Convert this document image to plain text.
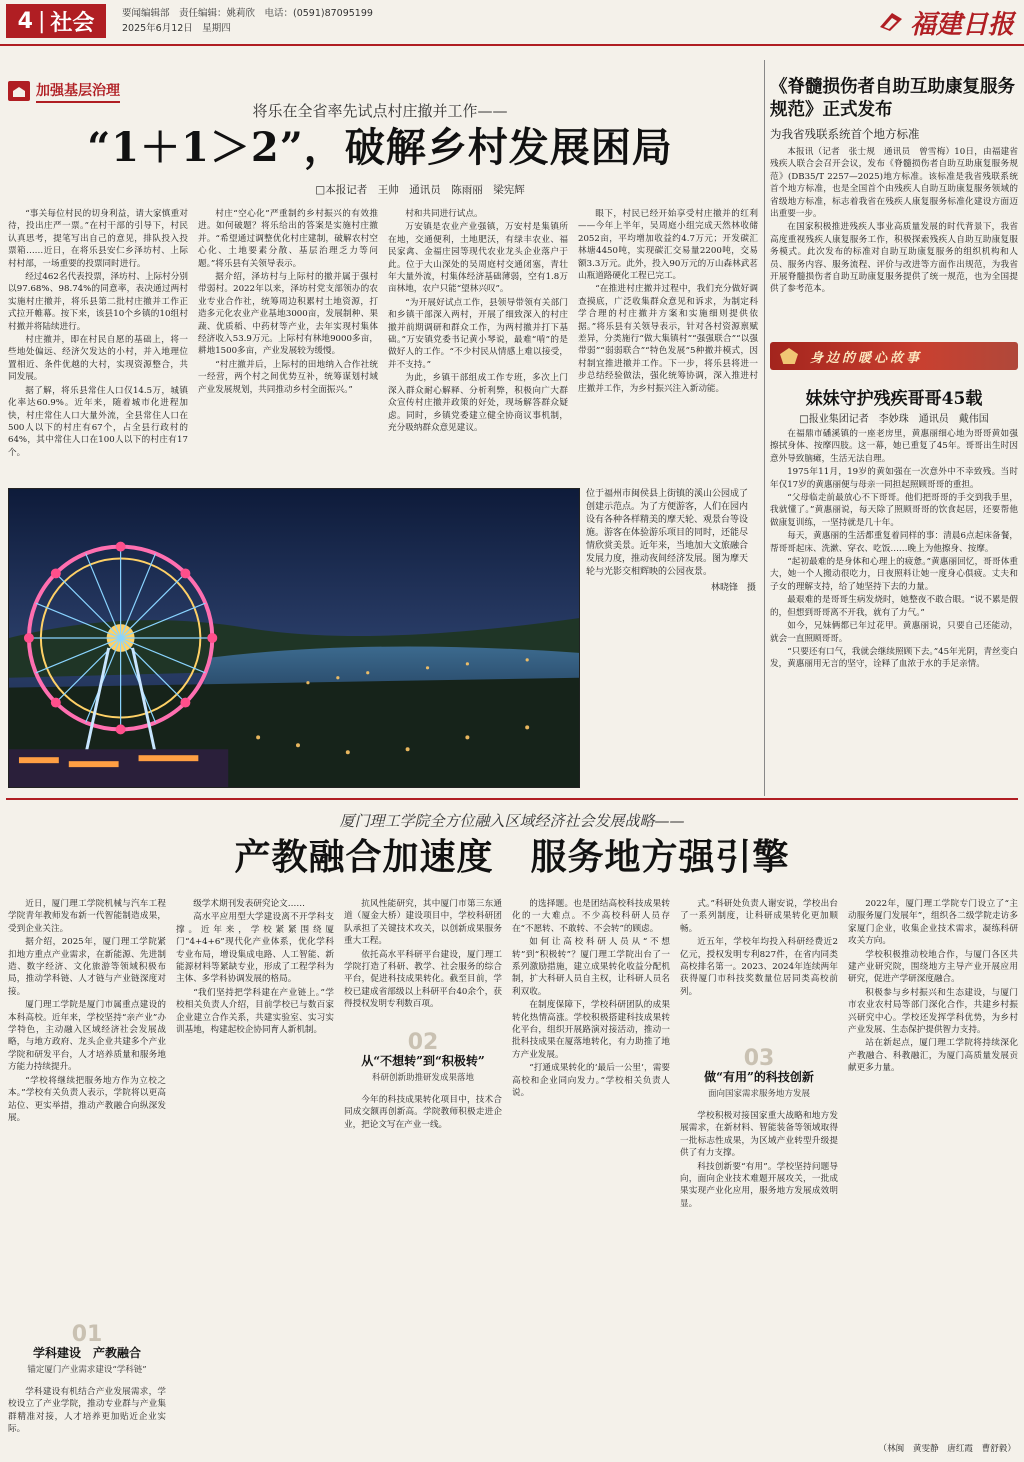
4 | 社会	要闻编辑部　责任编辑：姚莉欣　电话：(0591)87095199
2025年6月12日　星期四	福建日报
加强基层治理
将乐在全省率先试点村庄撤并工作——
“1＋1＞2”，破解乡村发展困局
□本报记者　王帅　通讯员　陈雨丽　梁宪辉

“事关每位村民的切身利益，请大家慎重对待，投出庄严一票。”在村干部的引导下，村民认真思考，提笔写出自己的意见，排队投入投票箱……近日，在将乐县安仁乡泽坊村、上际村村部，一场重要的投票同时进行。

经过462名代表投票，泽坊村、上际村分别以97.68%、98.74%的同意率，表决通过两村实施村庄撤并，将乐县第二批村庄撤并工作正式拉开帷幕。按下来，该县10个乡镇的10组村村撤并将陆续进行。

村庄撤并，即在村民自愿的基础上，将一些地处偏远、经济欠发达的小村，并入地理位置相近、条件优越的大村，实现资源整合，共同发展。

据了解，将乐县常住人口仅14.5万，城镇化率达60.9%。近年来，随着城市化进程加快，村庄常住人口大量外流，全县常住人口在500人以下的村庄有67个，占全县行政村的64%，其中常住人口在100人以下的村庄有17个。

村庄“空心化”严重制约乡村振兴的有效推进。如何破题？将乐给出的答案是实施村庄撤并。“希望通过调整优化村庄建制，破解农村空心化、土地要素分散、基层治理乏力等问题。”将乐县有关领导表示。

据介绍，泽坊村与上际村的撤并属于强村带弱村。2022年以来，泽坊村党支部领办的农业专业合作社，统筹周边积累村土地资源，打造多元化农业产业基地3000亩，发展制种、果蔬、优质稻、中药材等产业，去年实现村集体经济收入53.9万元。上际村有林地9000多亩，耕地1500多亩，产业发展较为缓慢。

“村庄撤并后，上际村的田地纳入合作社统一经营，两个村之间优势互补，统筹谋划村域产业发展规划，共同推动乡村全面振兴。”

村和共同进行试点。

万安镇是农业产业强镇，万安村是集镇所在地，交通便利，土地肥沃，有绿丰农业、福民家禽、金福庄园等现代农业龙头企业落户于此。位于大山深处的吴周庭村交通闭塞，青壮年大量外流，村集体经济基础薄弱，空有1.8万亩林地，农户只能“望林兴叹”。

“为开展好试点工作，县领导带领有关部门和乡镇干部深入两村，开展了细致深入的村庄撤并前期调研和群众工作，为两村撤并打下基础。”万安镇党委书记黄小琴说，最难“啃”的是做好人的工作。“不少村民从情感上难以接受，并不支持。”

为此，乡镇干部组成工作专班，多次上门深入群众耐心解释、分析利弊，积极向广大群众宣传村庄撤并政策的好处，现场解答群众疑虑。同时，乡镇党委建立健全协商议事机制，充分吸纳群众意见建议。

眼下，村民已经开始享受村庄撤并的红利——今年上半年，吴周庭小组完成天然林收储2052亩，平均增加收益约4.7万元；开发碳汇林塘4450吨，实现碳汇交易量2200吨，交易额3.3万元。此外，投入90万元的万山森林武茗山瓶道路硬化工程已完工。

“在推进村庄撤并过程中，我们充分做好调查摸底，广泛收集群众意见和诉求，为制定科学合理的村庄撤并方案和实施细则提供依据。”将乐县有关领导表示，针对各村资源禀赋差异，分类施行“做大集镇村”“强强联合”“以强带弱”“弱弱联合”“特色发展”5种撤并模式，因村制宜推进撤并工作。下一步，将乐县将进一步总结经验做法，强化统筹协调，深入推进村庄撤并工作，为乡村振兴注入新动能。

位于福州市闽侯县上街镇的溪山公园成了创建示范点。为了方便游客，人们在园内设有各种各样精美的摩天轮、观景台等设施。游客在体验游乐项目的同时，还能尽情欣赏美景。近年来，当地加大文旅融合发展力度，推动夜间经济发展。图为摩天轮与光影交相辉映的公园夜景。
林晓锋　摄
《脊髓损伤者自助互助康复服务规范》正式发布
为我省残联系统首个地方标准

本报讯（记者　张士规　通讯员　曾雪梅）10日，由福建省残疾人联合会召开会议，发布《脊髓损伤者自助互助康复服务规范》(DB35/T 2257—2025)地方标准。该标准是我省残联系统首个地方标准，也是全国首个由残疾人自助互助康复服务领域的省级地方标准，标志着我省在残疾人康复服务标准化建设方面迈出重要一步。

在国家积极推进残疾人事业高质量发展的时代背景下，我省高度重视残疾人康复服务工作，积极探索残疾人自助互助康复服务模式。此次发布的标准对自助互助康复服务的组织机构和人员、服务内容、服务流程、评价与改进等方面作出规范，为我省开展脊髓损伤者自助互助康复服务提供了统一规范，也为全国提供了参考范本。

身边的暖心故事
妹妹守护残疾哥哥45载
□报业集团记者　李妙珠　通讯员　戴伟国

在福鼎市磻溪镇的一座老房里，黄惠丽细心地为哥哥黄如强擦拭身体、按摩四肢。这一幕，她已重复了45年。哥哥出生时因意外导致脑瘫，生活无法自理。

1975年11月，19岁的黄如强在一次意外中不幸致残。当时年仅17岁的黄惠丽便与母亲一同担起照顾哥哥的重担。

“父母临走前最放心不下哥哥。他们把哥哥的手交到我手里，我就懂了。”黄惠丽说，每天除了照顾哥哥的饮食起居，还要帮他做康复训练，一坚持就是几十年。

每天，黄惠丽的生活都重复着同样的事：清晨6点起床备餐，帮哥哥起床、洗漱、穿衣、吃饭……晚上为他擦身、按摩。

“起初最难的是身体和心理上的疲惫。”黄惠丽回忆，哥哥体重大，她一个人搬动很吃力，日夜照料让她一度身心俱疲。丈夫和子女的理解支持，给了她坚持下去的力量。

最艰难的是哥哥生病发烧时，她整夜不敢合眼。“说不累是假的，但想到哥哥离不开我，就有了力气。”

如今，兄妹俩都已年过花甲。黄惠丽说，只要自己还能动，就会一直照顾哥哥。

“只要还有口气，我就会继续照顾下去。”45年光阴，青丝变白发，黄惠丽用无言的坚守，诠释了血浓于水的手足亲情。

厦门理工学院全方位融入区域经济社会发展战略——
产教融合加速度　服务地方强引擎

近日，厦门理工学院机械与汽车工程学院青年教师发布新一代智能制造成果，受到企业关注。

据介绍，2025年，厦门理工学院紧扣地方重点产业需求，在新能源、先进制造、数字经济、文化旅游等领域积极布局，推动学科链、人才链与产业链深度对接。

厦门理工学院是厦门市属重点建设的本科高校。近年来，学校坚持“亲产业”办学特色，主动融入区域经济社会发展战略，与地方政府、龙头企业共建多个产业学院和研发平台，人才培养质量和服务地方能力持续提升。

“学校将继续把服务地方作为立校之本。”学校有关负责人表示，学院将以更高站位、更实举措，推动产教融合向纵深发展。

01
学科建设　产教融合
锚定厦门产业需求建设“学科链”

学科建设有机结合产业发展需求，学校设立了产业学院，推动专业群与产业集群精准对接，人才培养更加贴近企业实际。

级学术期刊发表研究论文……

高水平应用型大学建设离不开学科支撑。近年来，学校紧紧围绕厦门“4+4+6”现代化产业体系，优化学科专业布局，增设集成电路、人工智能、新能源材料等紧缺专业，形成了工程学科为主体、多学科协调发展的格局。

“我们坚持把学科建在产业链上。”学校相关负责人介绍，目前学校已与数百家企业建立合作关系，共建实验室、实习实训基地，构建起校企协同育人新机制。

抗风性能研究，其中厦门市第三东通道（厦金大桥）建设项目中，学校科研团队承担了关键技术攻关，以创新成果服务重大工程。

依托高水平科研平台建设，厦门理工学院打造了科研、教学、社会服务的综合平台，促进科技成果转化。截至目前，学校已建成省部级以上科研平台40余个，获得授权发明专利数百项。

02
从“不想转”到“积极转”
科研创新助推研发成果落地

今年的科技成果转化项目中，技术合同成交额再创新高。学院教师积极走进企业，把论文写在产业一线。

的选择题。也是团结高校科技成果转化的一大难点。不少高校科研人员存在“不愿转、不敢转、不会转”的顾虑。

如何让高校科研人员从“不想转”到“积极转”？厦门理工学院出台了一系列激励措施，建立成果转化收益分配机制，扩大科研人员自主权，让科研人员名利双收。

在制度保障下，学校科研团队的成果转化热情高涨。学校积极搭建科技成果转化平台，组织开展路演对接活动，推动一批科技成果在厦落地转化，有力助推了地方产业发展。

“打通成果转化的‘最后一公里’，需要高校和企业同向发力。”学校相关负责人说。

式。”科研处负责人谢安说，学校出台了一系列制度，让科研成果转化更加顺畅。

近五年，学校年均投入科研经费近2亿元，授权发明专利827件，在省内同类高校排名第一。2023、2024年连续两年获得厦门市科技奖数量位居同类高校前列。

03
做“有用”的科技创新
面向国家需求服务地方发展

学校积极对接国家重大战略和地方发展需求，在新材料、智能装备等领域取得一批标志性成果，为区域产业转型升级提供了有力支撑。

科技创新要“有用”。学校坚持问题导向，面向企业技术难题开展攻关，一批成果实现产业化应用，服务地方发展成效明显。

2022年，厦门理工学院专门设立了“主动服务厦门发展年”，组织各二级学院走访多家厦门企业，收集企业技术需求，凝练科研攻关方向。

学校积极推动校地合作，与厦门各区共建产业研究院，围绕地方主导产业开展应用研究，促进产学研深度融合。

积极参与乡村振兴和生态建设，与厦门市农业农村局等部门深化合作，共建乡村振兴研究中心。学校还发挥学科优势，为乡村产业发展、生态保护提供智力支持。

站在新起点，厦门理工学院将持续深化产教融合、科教融汇，为厦门高质量发展贡献更多力量。

（林闽　黄雯静　唐红霞　曹舒毅）
